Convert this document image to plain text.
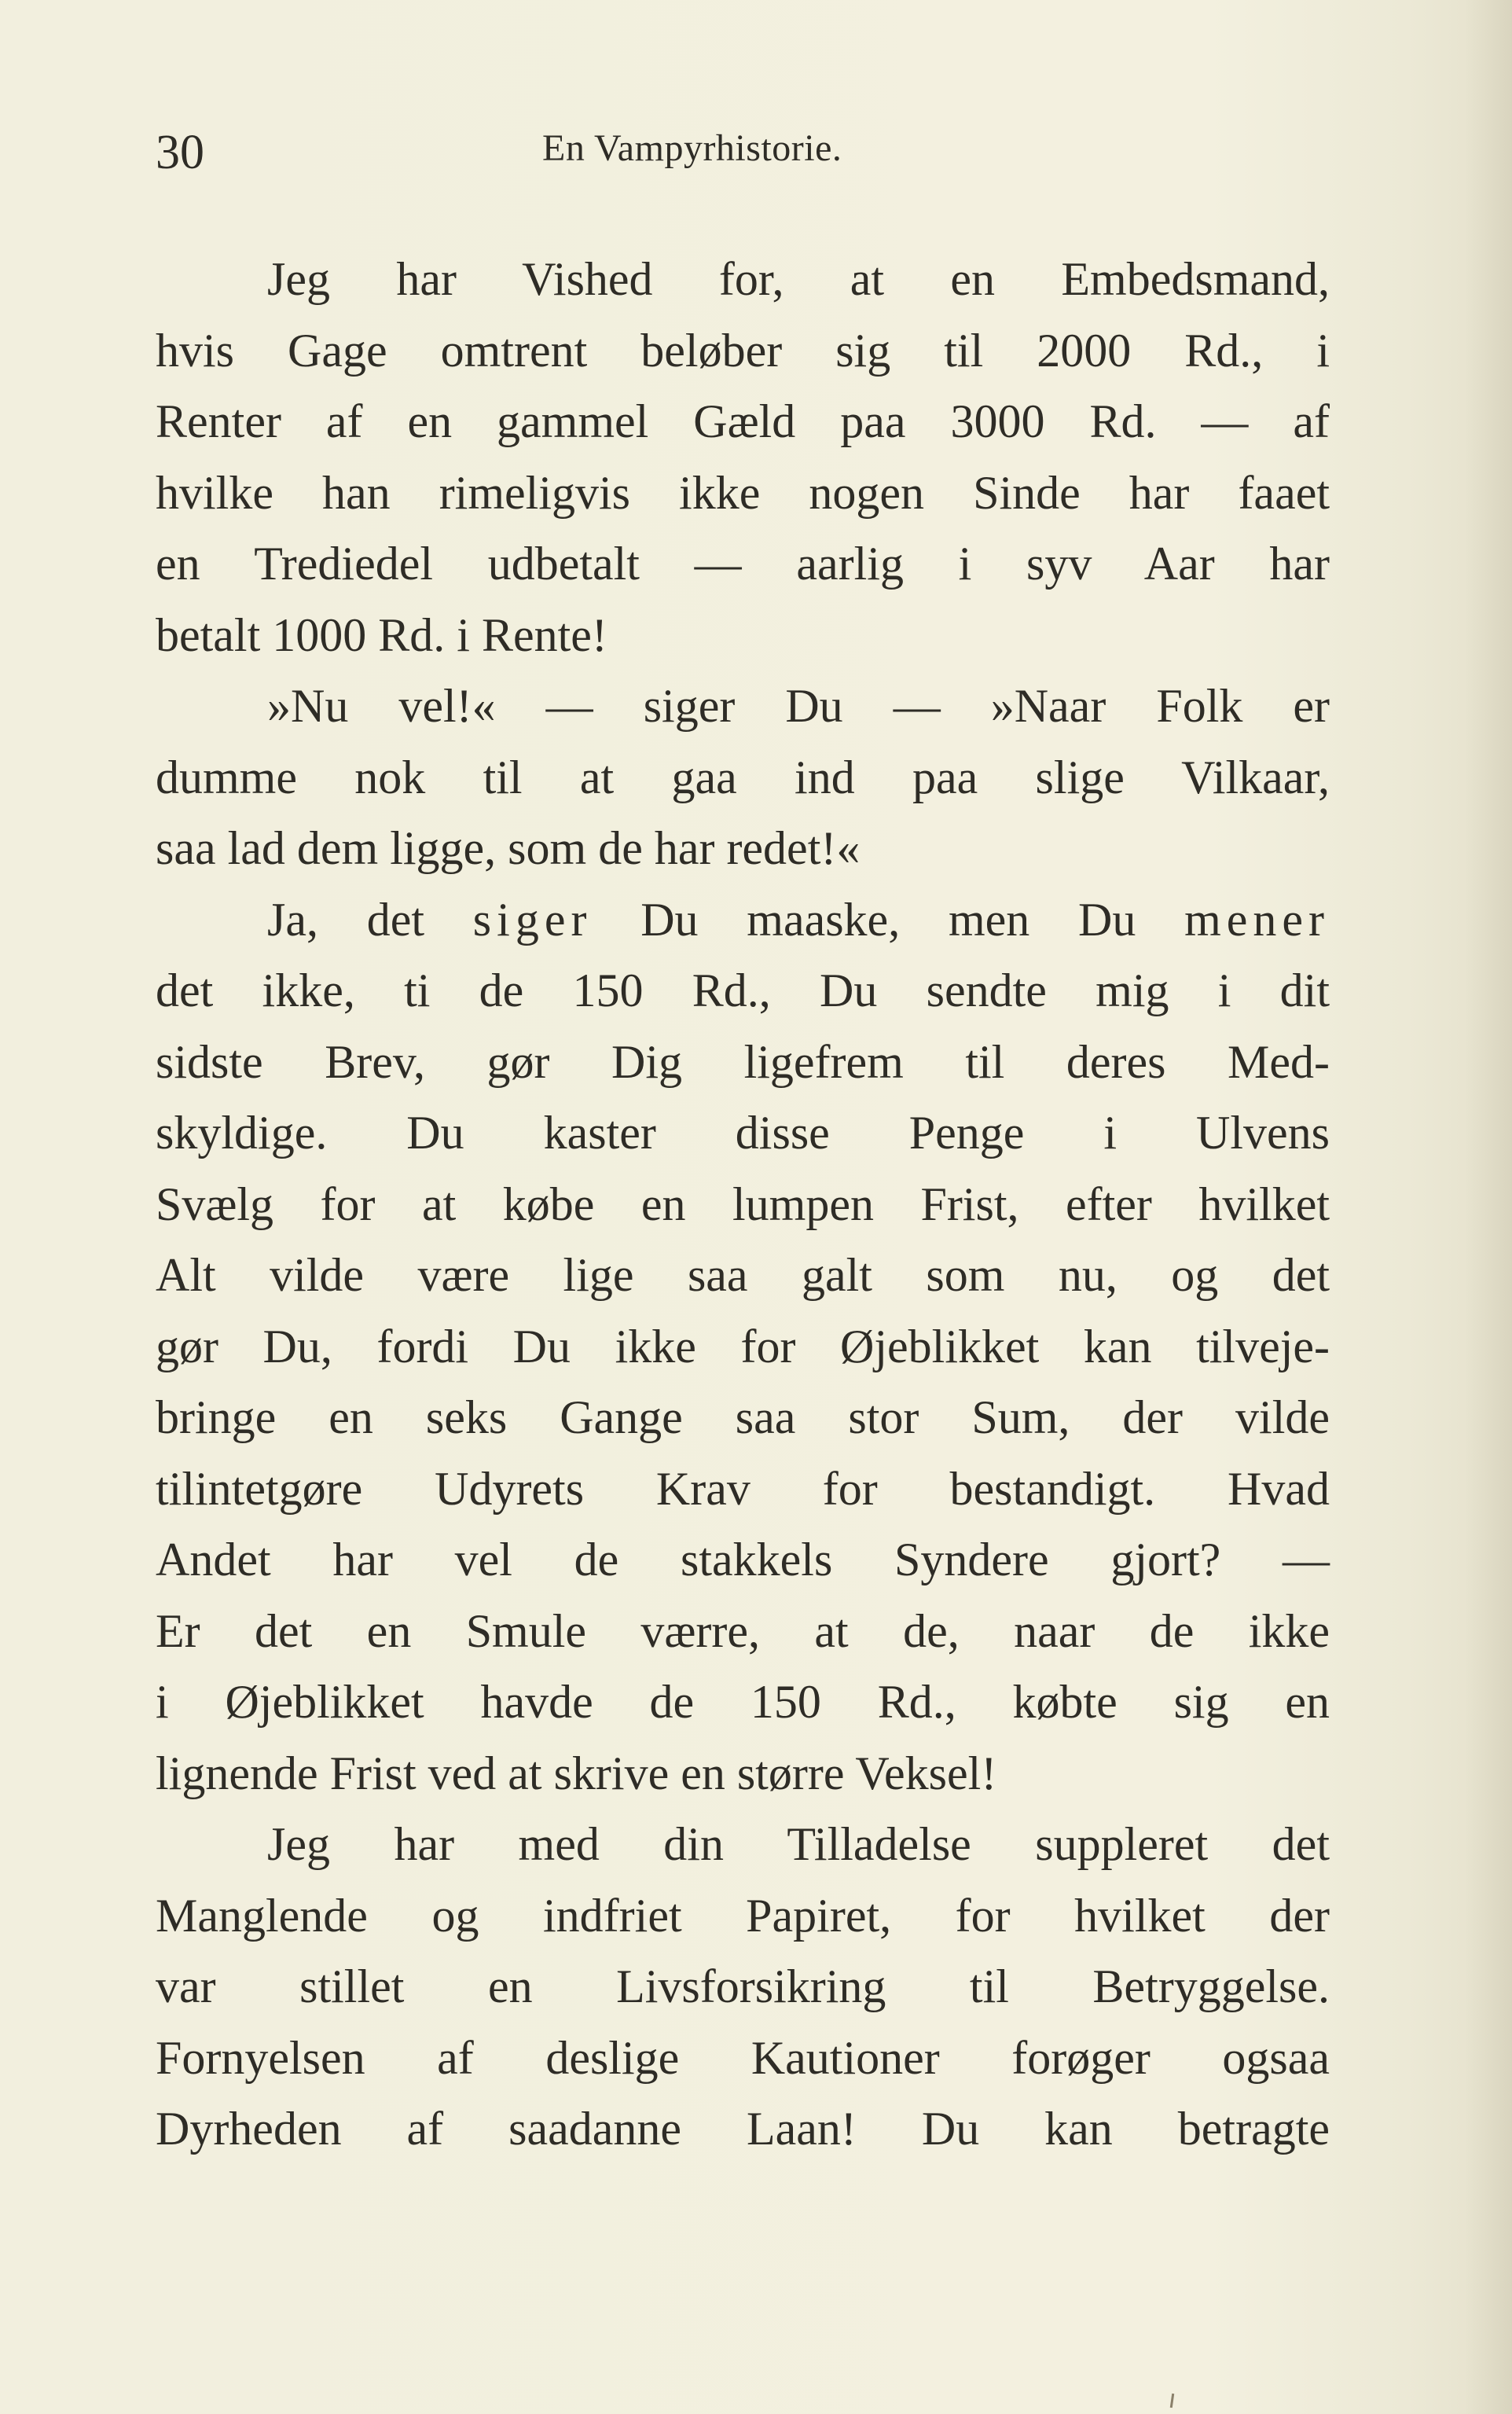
30	En Vampyrhistorie.
Jeg har Vished for, at en Embedsmand,
hvis Gage omtrent beløber sig til 2000 Rd., i
Renter af en gammel Gæld paa 3000 Rd. — af
hvilke han rimeligvis ikke nogen Sinde har faaet
en Trediedel udbetalt — aarlig i syv Aar har
betalt 1000 Rd. i Rente!
»Nu vel!« — siger Du — »Naar Folk er
dumme nok til at gaa ind paa slige Vilkaar,
saa lad dem ligge, som de har redet!«
Ja, det siger Du maaske, men Du mener
det ikke, ti de 150 Rd., Du sendte mig i dit
sidste Brev, gør Dig ligefrem til deres Med-
skyldige. Du kaster disse Penge i Ulvens
Svælg for at købe en lumpen Frist, efter hvilket
Alt vilde være lige saa galt som nu, og det
gør Du, fordi Du ikke for Øjeblikket kan tilveje-
bringe en seks Gange saa stor Sum, der vilde
tilintetgøre Udyrets Krav for bestandigt. Hvad
Andet har vel de stakkels Syndere gjort? —
Er det en Smule værre, at de, naar de ikke
i Øjeblikket havde de 150 Rd., købte sig en
lignende Frist ved at skrive en større Veksel!
Jeg har med din Tilladelse suppleret det
Manglende og indfriet Papiret, for hvilket der
var stillet en Livsforsikring til Betryggelse.
Fornyelsen af deslige Kautioner forøger ogsaa
Dyrheden af saadanne Laan! Du kan betragte
